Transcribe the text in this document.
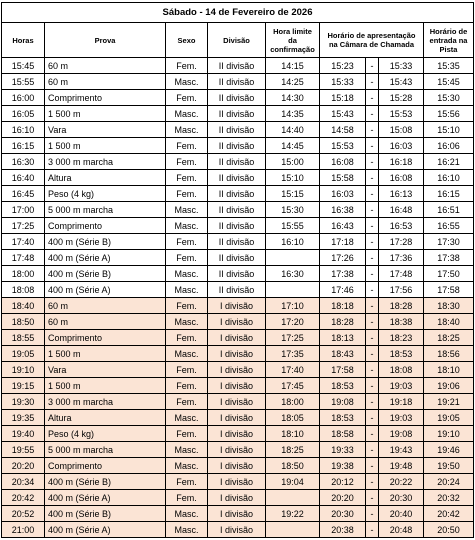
Sábado - 14 de Fevereiro de 2026								
Horas	Prova	Sexo	Divisão	Hora limite da confirmação	Horário de apresentação na Câmara de Chamada			Horário de entrada na Pista
15:45	60 m	Fem.	II divisão	14:15	15:23	-	15:33	15:35
15:55	60 m	Masc.	II divisão	14:25	15:33	-	15:43	15:45
16:00	Comprimento	Fem.	II divisão	14:30	15:18	-	15:28	15:30
16:05	1 500 m	Masc.	II divisão	14:35	15:43	-	15:53	15:56
16:10	Vara	Masc.	II divisão	14:40	14:58	-	15:08	15:10
16:15	1 500 m	Fem.	II divisão	14:45	15:53	-	16:03	16:06
16:30	3 000 m marcha	Fem.	II divisão	15:00	16:08	-	16:18	16:21
16:40	Altura	Fem.	II divisão	15:10	15:58	-	16:08	16:10
16:45	Peso (4 kg)	Fem.	II divisão	15:15	16:03	-	16:13	16:15
17:00	5 000 m marcha	Masc.	II divisão	15:30	16:38	-	16:48	16:51
17:25	Comprimento	Masc.	II divisão	15:55	16:43	-	16:53	16:55
17:40	400 m (Série B)	Fem.	II divisão	16:10	17:18	-	17:28	17:30
17:48	400 m (Série A)	Fem.	II divisão		17:26	-	17:36	17:38
18:00	400 m (Série B)	Masc.	II divisão	16:30	17:38	-	17:48	17:50
18:08	400 m (Série A)	Masc.	II divisão		17:46	-	17:56	17:58
18:40	60 m	Fem.	I divisão	17:10	18:18	-	18:28	18:30
18:50	60 m	Masc.	I divisão	17:20	18:28	-	18:38	18:40
18:55	Comprimento	Fem.	I divisão	17:25	18:13	-	18:23	18:25
19:05	1 500 m	Masc.	I divisão	17:35	18:43	-	18:53	18:56
19:10	Vara	Fem.	I divisão	17:40	17:58	-	18:08	18:10
19:15	1 500 m	Fem.	I divisão	17:45	18:53	-	19:03	19:06
19:30	3 000 m marcha	Fem.	I divisão	18:00	19:08	-	19:18	19:21
19:35	Altura	Masc.	I divisão	18:05	18:53	-	19:03	19:05
19:40	Peso (4 kg)	Fem.	I divisão	18:10	18:58	-	19:08	19:10
19:55	5 000 m marcha	Masc.	I divisão	18:25	19:33	-	19:43	19:46
20:20	Comprimento	Masc.	I divisão	18:50	19:38	-	19:48	19:50
20:34	400 m (Série B)	Fem.	I divisão	19:04	20:12	-	20:22	20:24
20:42	400 m (Série A)	Fem.	I divisão		20:20	-	20:30	20:32
20:52	400 m (Série B)	Masc.	I divisão	19:22	20:30	-	20:40	20:42
21:00	400 m (Série A)	Masc.	I divisão		20:38	-	20:48	20:50
